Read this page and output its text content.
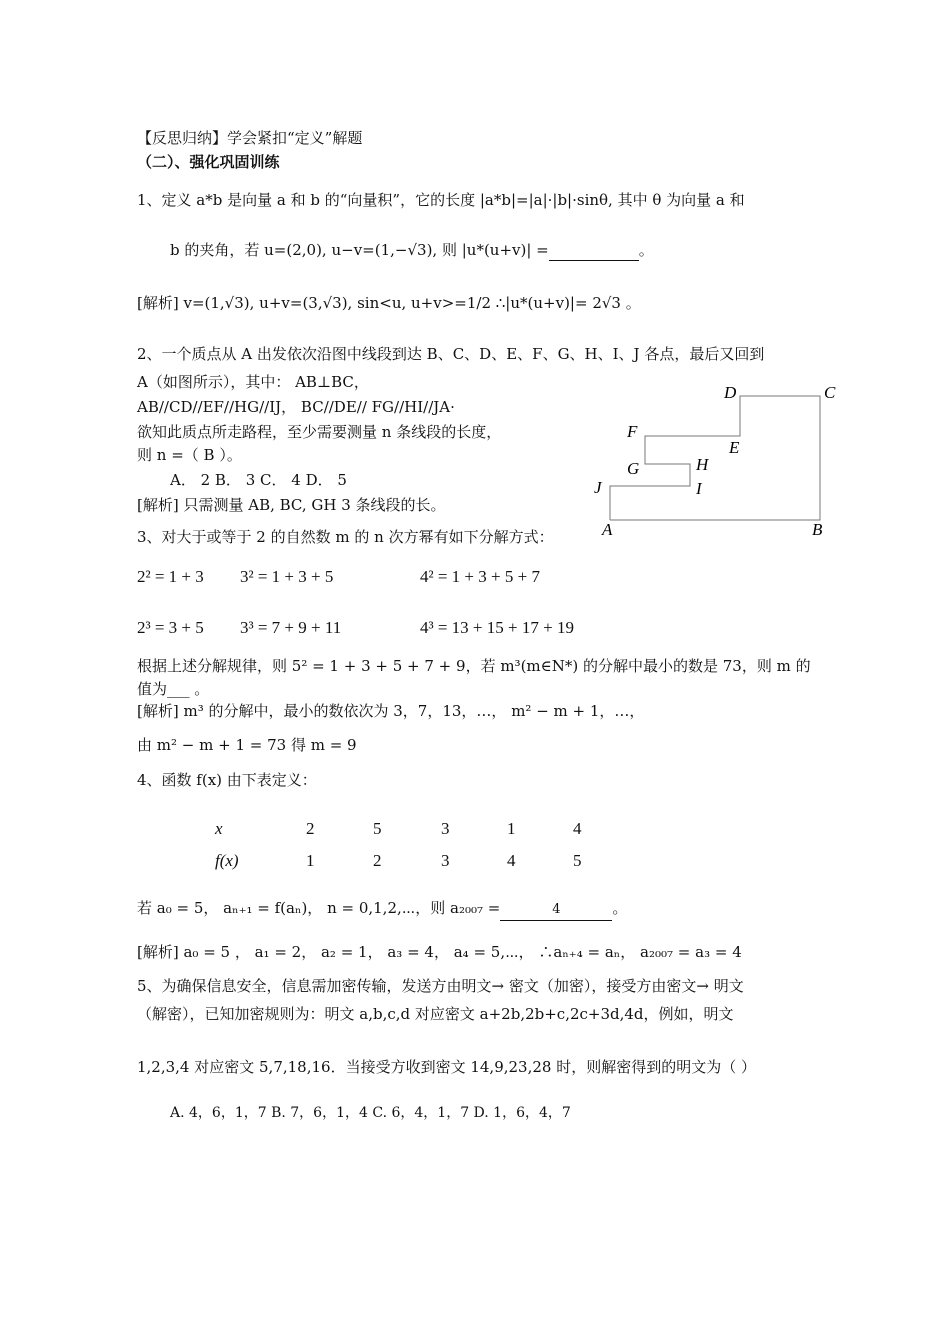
【反思归纳】学会紧扣“定义”解题
（二）、强化巩固训练
1、定义 a*b 是向量 a 和 b 的“向量积”，它的长度 |a*b|=|a|·|b|·sinθ, 其中 θ 为向量 a 和
b 的夹角，若 u=(2,0), u−v=(1,−√3), 则 |u*(u+v)| =	。
[解析] v=(1,√3), u+v=(3,√3), sin<u, u+v>=1/2 ∴|u*(u+v)|= 2√3 。
2、一个质点从 A 出发依次沿图中线段到达 B、C、D、E、F、G、H、I、J 各点，最后又回到
A（如图所示），其中： AB⊥BC，
AB//CD//EF//HG//IJ， BC//DE// FG//HI//JA·
欲知此质点所走路程，至少需要测量 n 条线段的长度，
则 n =（ B ）。
A． 2 B． 3 C． 4 D． 5
[解析] 只需测量 AB, BC, GH 3 条线段的长。
A	B
C
D
E
F
G	H
I
J
3、对大于或等于 2 的自然数 m 的 n 次方幂有如下分解方式：
2² = 1 + 3 3² = 1 + 3 + 5	4² = 1 + 3 + 5 + 7
2³ = 3 + 5 3³ = 7 + 9 + 11	4³ = 13 + 15 + 17 + 19
根据上述分解规律，则 5² = 1 + 3 + 5 + 7 + 9，若 m³(m∈N*) 的分解中最小的数是 73，则 m 的
值为___ 。
[解析] m³ 的分解中，最小的数依次为 3，7，13，…， m² − m + 1，…，
由 m² − m + 1 = 73 得 m = 9
4、函数 f(x) 由下表定义：
x	2	5	3	1	4
f(x)	1	2	3	4	5
若 a₀ = 5， aₙ₊₁ = f(aₙ)， n = 0,1,2,⋯，则 a₂₀₀₇ =	4	。
[解析] a₀ = 5 ， a₁ = 2， a₂ = 1， a₃ = 4， a₄ = 5,⋯， ∴aₙ₊₄ = aₙ， a₂₀₀₇ = a₃ = 4
5、为确保信息安全，信息需加密传输，发送方由明文→ 密文（加密），接受方由密文→ 明文
（解密），已知加密规则为：明文 a,b,c,d 对应密文 a+2b,2b+c,2c+3d,4d，例如，明文
1,2,3,4 对应密文 5,7,18,16．当接受方收到密文 14,9,23,28 时，则解密得到的明文为（ ）
A. 4，6，1，7 B. 7，6，1，4 C. 6，4，1，7 D. 1，6，4，7
